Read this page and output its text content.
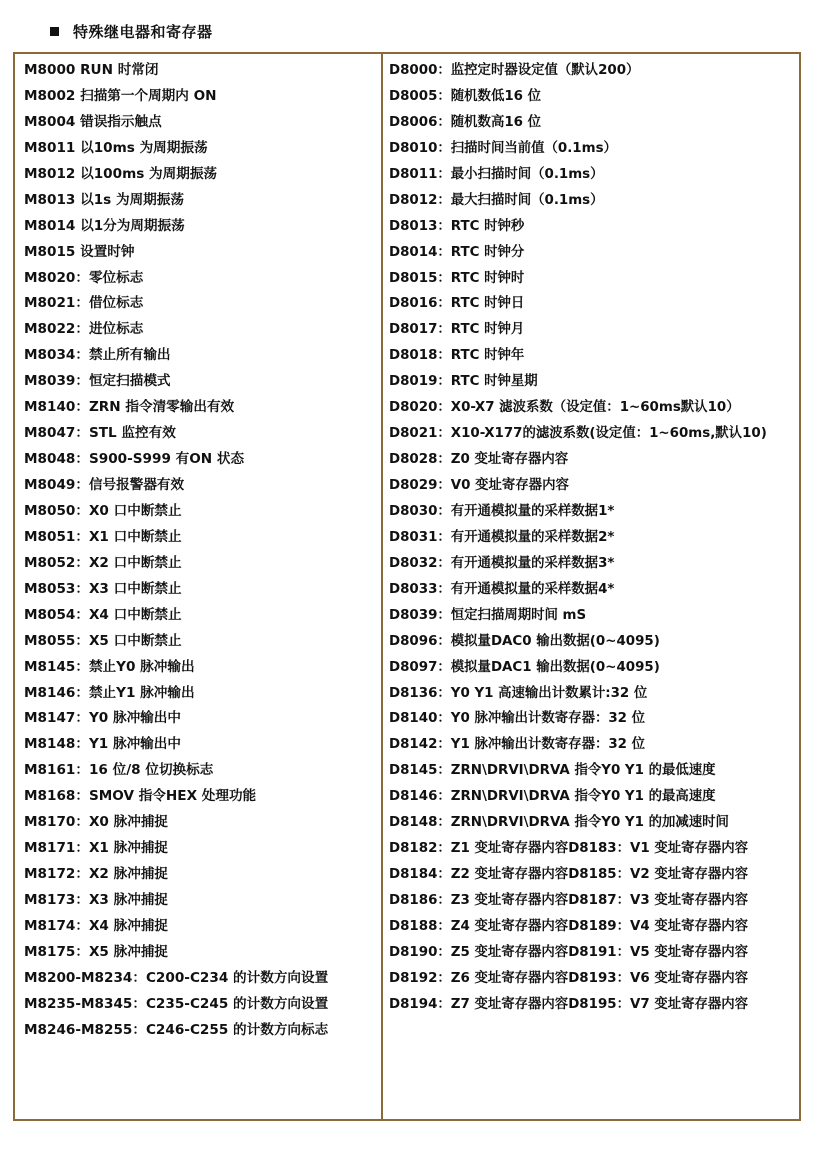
特殊继电器和寄存器
M8000 RUN 时常闭
M8002 扫描第一个周期内 ON
M8004 错误指示触点
M8011 以10ms 为周期振荡
M8012 以100ms 为周期振荡
M8013 以1s 为周期振荡
M8014 以1分为周期振荡
M8015 设置时钟
M8020：零位标志
M8021：借位标志
M8022：进位标志
M8034：禁止所有输出
M8039：恒定扫描模式
M8140：ZRN 指令清零输出有效
M8047：STL 监控有效
M8048：S900-S999 有ON 状态
M8049：信号报警器有效
M8050：X0 口中断禁止
M8051：X1 口中断禁止
M8052：X2 口中断禁止
M8053：X3 口中断禁止
M8054：X4 口中断禁止
M8055：X5 口中断禁止
M8145：禁止Y0 脉冲输出
M8146：禁止Y1 脉冲输出
M8147：Y0 脉冲输出中
M8148：Y1 脉冲输出中
M8161：16 位/8 位切换标志
M8168：SMOV 指令HEX 处理功能
M8170：X0 脉冲捕捉
M8171：X1 脉冲捕捉
M8172：X2 脉冲捕捉
M8173：X3 脉冲捕捉
M8174：X4 脉冲捕捉
M8175：X5 脉冲捕捉
M8200-M8234：C200-C234 的计数方向设置
M8235-M8345：C235-C245 的计数方向设置
M8246-M8255：C246-C255 的计数方向标志
D8000：监控定时器设定值（默认200）
D8005：随机数低16 位
D8006：随机数高16 位
D8010：扫描时间当前值（0.1ms）
D8011：最小扫描时间（0.1ms）
D8012：最大扫描时间（0.1ms）
D8013：RTC 时钟秒
D8014：RTC 时钟分
D8015：RTC 时钟时
D8016：RTC 时钟日
D8017：RTC 时钟月
D8018：RTC 时钟年
D8019：RTC 时钟星期
D8020：X0-X7 滤波系数（设定值：1~60ms默认10）
D8021：X10-X177的滤波系数(设定值：1~60ms,默认10)
D8028：Z0 变址寄存器内容
D8029：V0 变址寄存器内容
D8030：有开通模拟量的采样数据1*
D8031：有开通模拟量的采样数据2*
D8032：有开通模拟量的采样数据3*
D8033：有开通模拟量的采样数据4*
D8039：恒定扫描周期时间 mS
D8096：模拟量DAC0 输出数据(0~4095)
D8097：模拟量DAC1 输出数据(0~4095)
D8136：Y0 Y1 高速输出计数累计:32 位
D8140：Y0 脉冲输出计数寄存器：32 位
D8142：Y1 脉冲输出计数寄存器：32 位
D8145：ZRN\DRVI\DRVA 指令Y0 Y1 的最低速度
D8146：ZRN\DRVI\DRVA 指令Y0 Y1 的最高速度
D8148：ZRN\DRVI\DRVA 指令Y0 Y1 的加减速时间
D8182：Z1 变址寄存器内容D8183：V1 变址寄存器内容
D8184：Z2 变址寄存器内容D8185：V2 变址寄存器内容
D8186：Z3 变址寄存器内容D8187：V3 变址寄存器内容
D8188：Z4 变址寄存器内容D8189：V4 变址寄存器内容
D8190：Z5 变址寄存器内容D8191：V5 变址寄存器内容
D8192：Z6 变址寄存器内容D8193：V6 变址寄存器内容
D8194：Z7 变址寄存器内容D8195：V7 变址寄存器内容
